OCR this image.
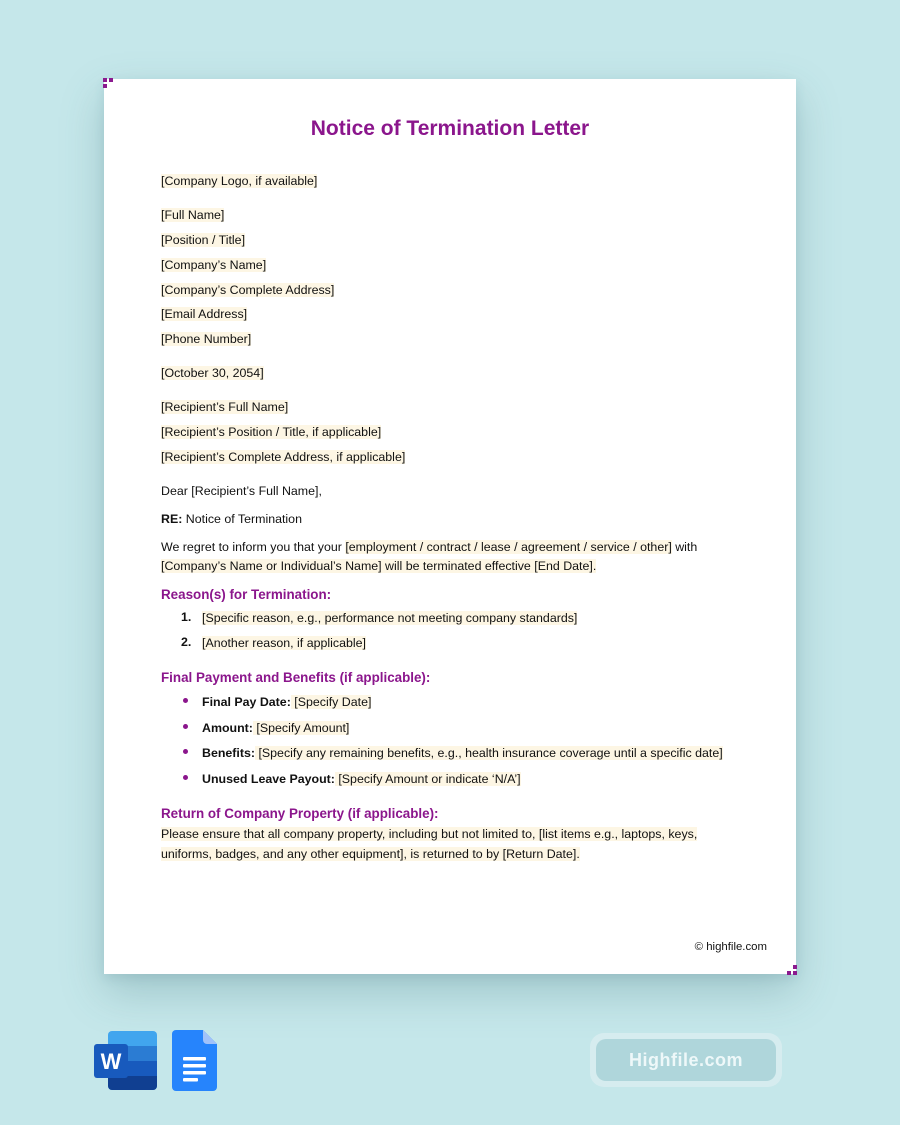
Notice of Termination Letter
[Company Logo, if available]
[Full Name]
[Position / Title]
[Company’s Name]
[Company’s Complete Address]
[Email Address]
[Phone Number]
[October 30, 2054]
[Recipient’s Full Name]
[Recipient’s Position / Title, if applicable]
[Recipient’s Complete Address, if applicable]
Dear [Recipient’s Full Name],
RE: Notice of Termination
We regret to inform you that your [employment / contract / lease / agreement / service / other] with
[Company’s Name or Individual’s Name] will be terminated effective [End Date].
Reason(s) for Termination:
1. [Specific reason, e.g., performance not meeting company standards]
2. [Another reason, if applicable]
Final Payment and Benefits (if applicable):
Final Pay Date: [Specify Date]
Amount: [Specify Amount]
Benefits: [Specify any remaining benefits, e.g., health insurance coverage until a specific date]
Unused Leave Payout: [Specify Amount or indicate ‘N/A’]
Return of Company Property (if applicable):
Please ensure that all company property, including but not limited to, [list items e.g., laptops, keys,
uniforms, badges, and any other equipment], is returned to by [Return Date].
© highfile.com
W	Highfile.com
